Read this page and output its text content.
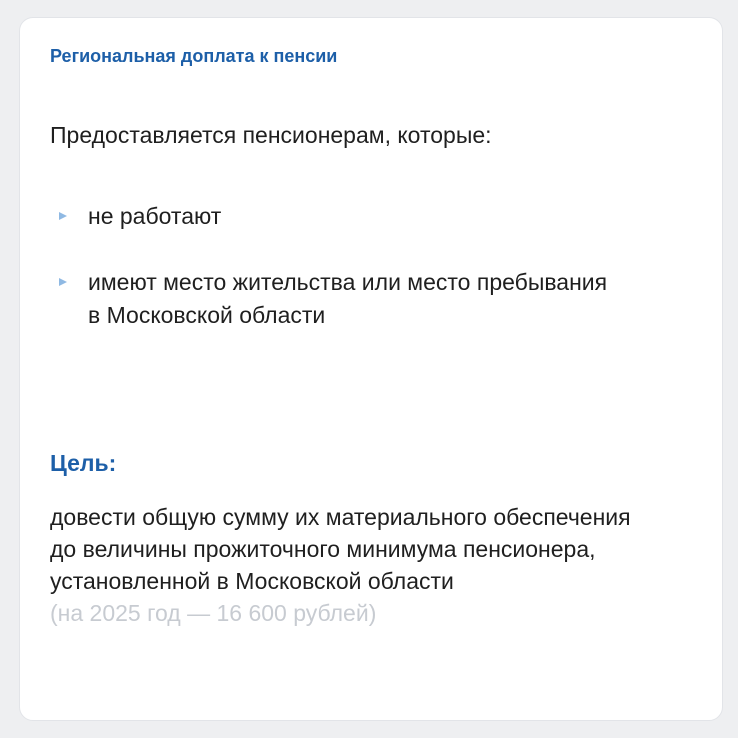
Региональная доплата к пенсии
Предоставляется пенсионерам, которые:
не работают
имеют место жительства или место пребывания
в Московской области
Цель:
довести общую сумму их материального обеспечения
до величины прожиточного минимума пенсионера,
установленной в Московской области
(на 2025 год — 16 600 рублей)
